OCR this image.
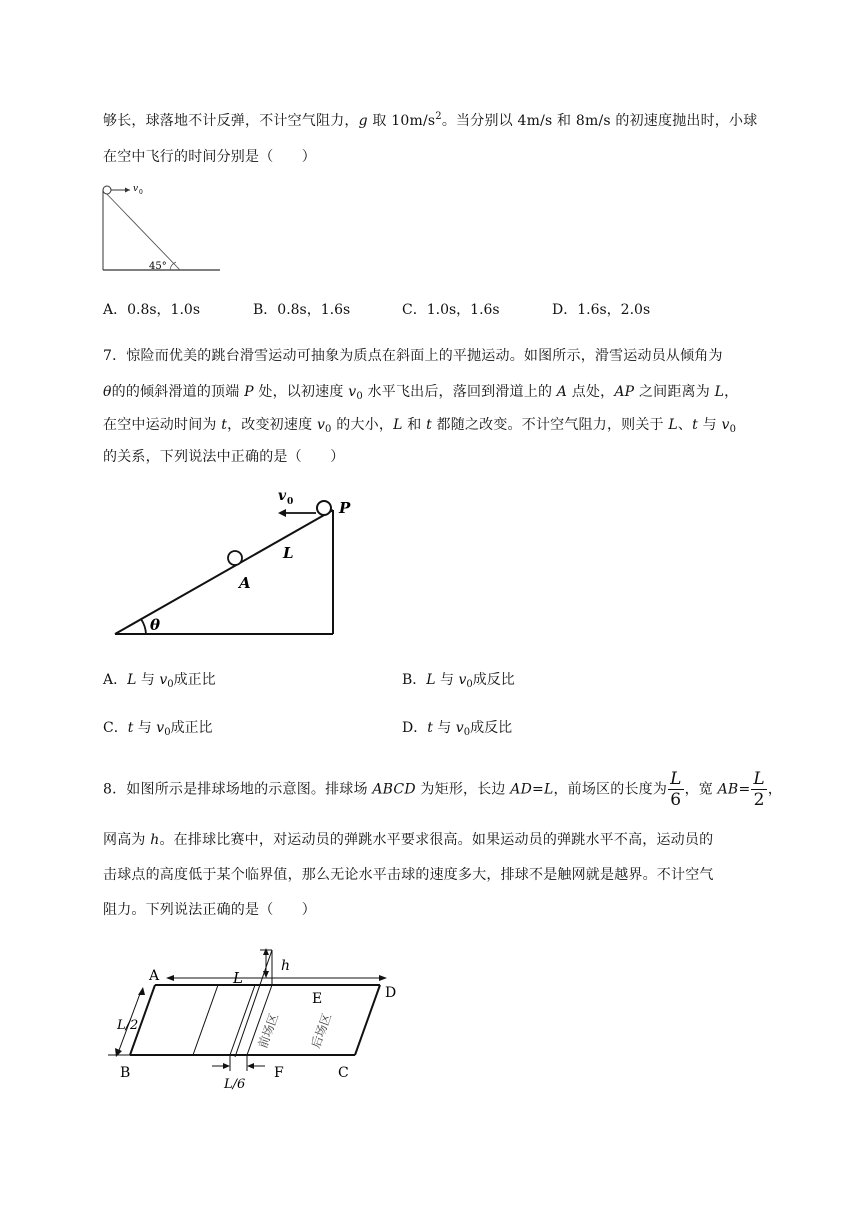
够长，球落地不计反弹，不计空气阻力，g 取 $10m/s^2$。当分别以 4m/s 和 8m/s 的初速度抛出时，小球
在空中飞行的时间分别是（　　）
v 0
45°
A．0.8s，1.0s	B．0.8s，1.6s	C．1.0s，1.6s	D．1.6s，2.0s
7．惊险而优美的跳台滑雪运动可抽象为质点在斜面上的平抛运动。如图所示，滑雪运动员从倾角为
θ的的倾斜滑道的顶端 P 处，以初速度 $v_0$ 水平飞出后，落回到滑道上的 A 点处，AP 之间距离为 L，
在空中运动时间为 t，改变初速度 $v_0$ 的大小，L 和 t 都随之改变。不计空气阻力，则关于 L、t 与 $v_0$
的关系，下列说法中正确的是（　　）
v 0	P
L
A
θ
A．L 与 $v_0$成正比	B．L 与 $v_0$成反比
C．t 与 $v_0$成正比	D．t 与 $v_0$成反比
8．如图所示是排球场地的示意图。排球场 ABCD 为矩形，长边 AD=L，前场区的长度为 $\frac{L}{6}$ ，宽 $AB= \frac{L}{2}$ ，
网高为 h。在排球比赛中，对运动员的弹跳水平要求很高。如果运动员的弹跳水平不高，运动员的
击球点的高度低于某个临界值，那么无论水平击球的速度多大，排球不是触网就是越界。不计空气
阻力。下列说法正确的是（　　）
A
B	C
D
E
F
L
h
L/2
L/6
前场区 后场区
